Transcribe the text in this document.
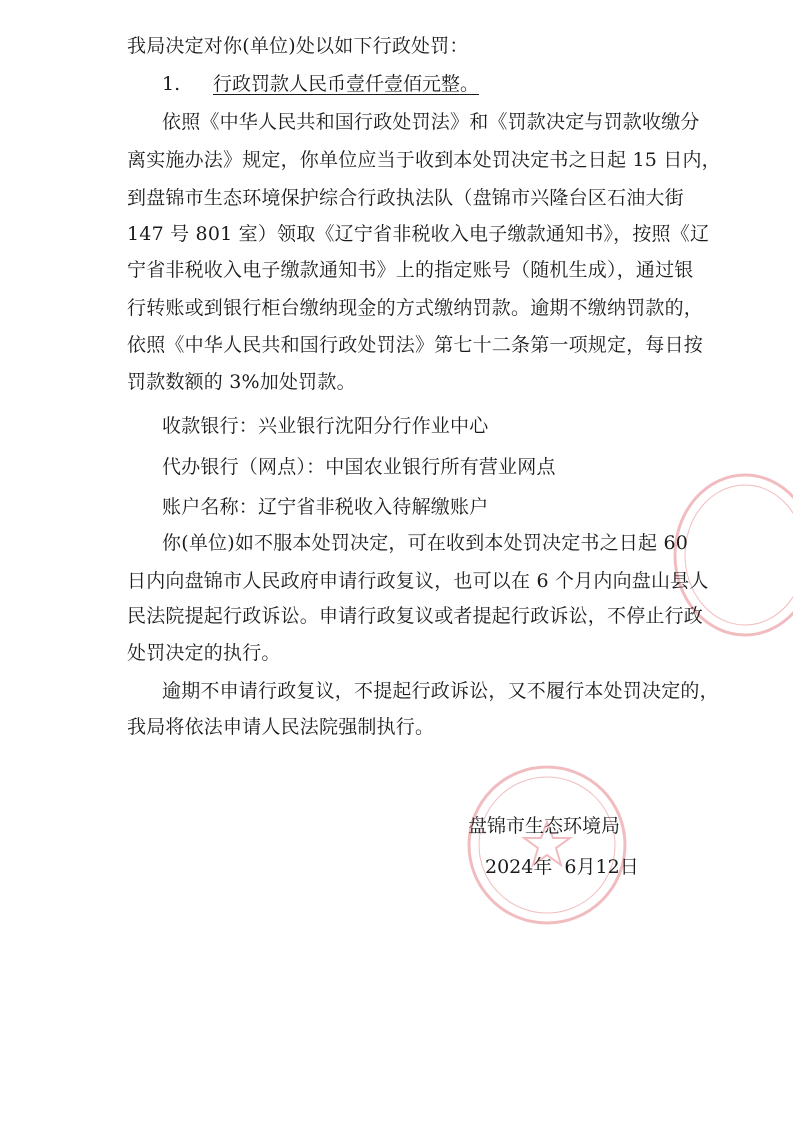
我局决定对你(单位)处以如下行政处罚：
1. 行政罚款人民币壹仟壹佰元整。
依照《中华人民共和国行政处罚法》和《罚款决定与罚款收缴分
离实施办法》规定，你单位应当于收到本处罚决定书之日起 15 日内，
到盘锦市生态环境保护综合行政执法队（盘锦市兴隆台区石油大街
147 号 801 室）领取《辽宁省非税收入电子缴款通知书》，按照《辽
宁省非税收入电子缴款通知书》上的指定账号（随机生成），通过银
行转账或到银行柜台缴纳现金的方式缴纳罚款。逾期不缴纳罚款的，
依照《中华人民共和国行政处罚法》第七十二条第一项规定，每日按
罚款数额的 3%加处罚款。
收款银行：兴业银行沈阳分行作业中心
代办银行（网点）：中国农业银行所有营业网点
账户名称：辽宁省非税收入待解缴账户
你(单位)如不服本处罚决定，可在收到本处罚决定书之日起 60
日内向盘锦市人民政府申请行政复议，也可以在 6 个月内向盘山县人
民法院提起行政诉讼。申请行政复议或者提起行政诉讼，不停止行政
处罚决定的执行。
逾期不申请行政复议，不提起行政诉讼，又不履行本处罚决定的，
我局将依法申请人民法院强制执行。
盘锦市生态环境局
2024年  6月12日
